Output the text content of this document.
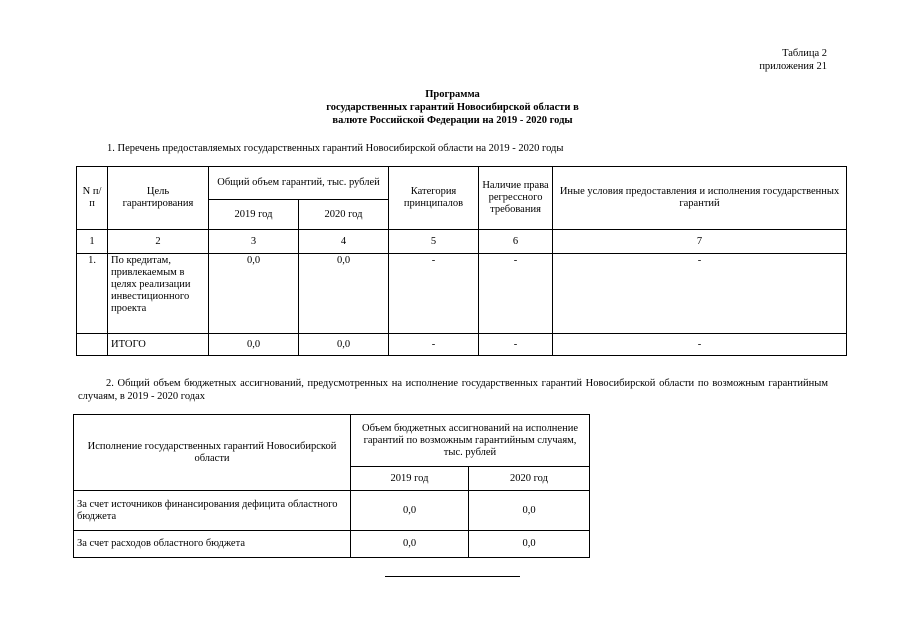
Таблица 2
приложения 21
Программа
государственных гарантий Новосибирской области в
валюте Российской Федерации на 2019 - 2020 годы
1. Перечень предоставляемых государственных гарантий Новосибирской области на 2019 - 2020 годы
N п/п	Цель гарантирования	Общий объем гарантий, тыс. рублей		Категория принципалов	Наличие права регрессного требования	Иные условия предоставления и исполнения государственных гарантий
		2019 год	2020 год			
1	2	3	4	5	6	7
1.	По кредитам, привлекаемым в целях реализации инвестиционного проекта	0,0	0,0	-	-	-
	ИТОГО	0,0	0,0	-	-	-
2. Общий объем бюджетных ассигнований, предусмотренных на исполнение государственных гарантий Новосибирской области по возможным гарантийным случаям, в 2019 - 2020 годах
Исполнение государственных гарантий Новосибирской области	Объем бюджетных ассигнований на исполнение гарантий по возможным гарантийным случаям, тыс. рублей	
	2019 год	2020 год
За счет источников финансирования дефицита областного бюджета	0,0	0,0
За счет расходов областного бюджета	0,0	0,0
